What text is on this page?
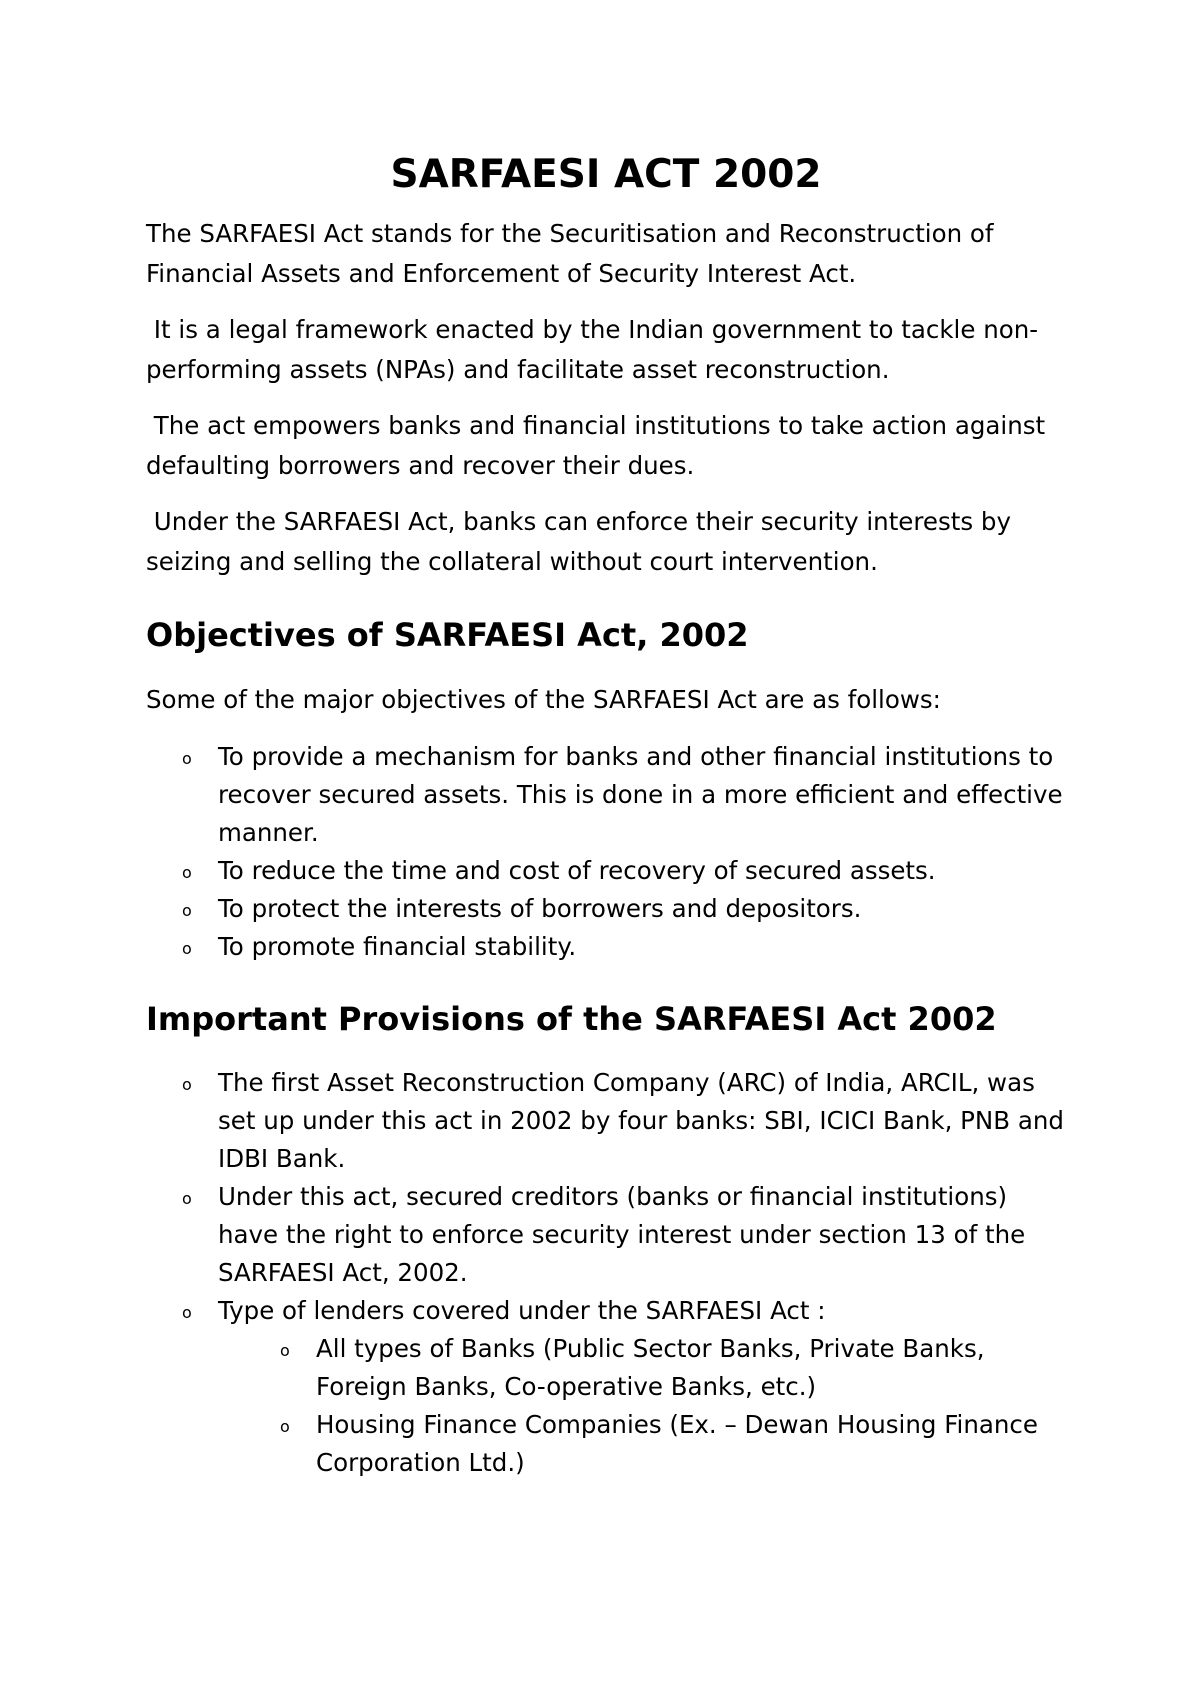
SARFAESI ACT 2002

The SARFAESI Act stands for the Securitisation and Reconstruction of Financial Assets and Enforcement of Security Interest Act.

It is a legal framework enacted by the Indian government to tackle non-performing assets (NPAs) and facilitate asset reconstruction.

The act empowers banks and financial institutions to take action against defaulting borrowers and recover their dues.

Under the SARFAESI Act, banks can enforce their security interests by seizing and selling the collateral without court intervention.

Objectives of SARFAESI Act, 2002

Some of the major objectives of the SARFAESI Act are as follows:

o To provide a mechanism for banks and other financial institutions to recover secured assets. This is done in a more efficient and effective manner.
o To reduce the time and cost of recovery of secured assets.
o To protect the interests of borrowers and depositors.
o To promote financial stability.
Important Provisions of the SARFAESI Act 2002
o The first Asset Reconstruction Company (ARC) of India, ARCIL, was set up under this act in 2002 by four banks: SBI, ICICI Bank, PNB and IDBI Bank.
o Under this act, secured creditors (banks or financial institutions) have the right to enforce security interest under section 13 of the SARFAESI Act, 2002.
o Type of lenders covered under the SARFAESI Act :
o All types of Banks (Public Sector Banks, Private Banks, Foreign Banks, Co-operative Banks, etc.)
o Housing Finance Companies (Ex. – Dewan Housing Finance Corporation Ltd.)
